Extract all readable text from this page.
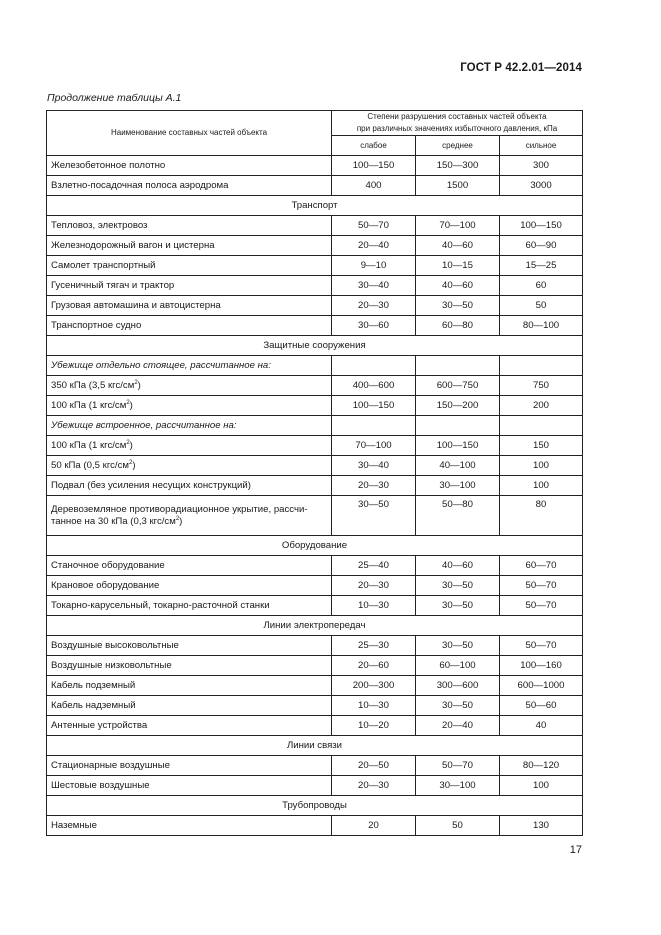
ГОСТ Р 42.2.01—2014
Продолжение таблицы А.1
Наименование составных частей объекта	Степени разрушения составных частей объекта
при различных значениях избыточного давления, кПа		
	слабое	среднее	сильное
Железобетонное полотно	100—150	150—300	300
Взлетно-посадочная полоса аэродрома	400	1500	3000
Транспорт			
Тепловоз, электровоз	50—70	70—100	100—150
Железнодорожный вагон и цистерна	20—40	40—60	60—90
Самолет транспортный	9—10	10—15	15—25
Гусеничный тягач и трактор	30—40	40—60	60
Грузовая автомашина и автоцистерна	20—30	30—50	50
Транспортное судно	30—60	60—80	80—100
Защитные сооружения			
Убежище отдельно стоящее, рассчитанное на:			
350 кПа (3,5 кгс/$см^2$)	400—600	600—750	750
100 кПа (1 кгс/$см^2$)	100—150	150—200	200
Убежище встроенное, рассчитанное на:			
100 кПа (1 кгс/$см^2$)	70—100	100—150	150
50 кПа (0,5 кгс/$см^2$)	30—40	40—100	100
Подвал (без усиления несущих конструкций)	20—30	30—100	100
Деревоземляное противорадиационное укрытие, рассчи-
танное на 30 кПа (0,3 кгс/$см^2$)	30—50	50—80	80
Оборудование			
Станочное оборудование	25—40	40—60	60—70
Крановое оборудование	20—30	30—50	50—70
Токарно-карусельный, токарно-расточной станки	10—30	30—50	50—70
Линии электропередач			
Воздушные высоковольтные	25—30	30—50	50—70
Воздушные низковольтные	20—60	60—100	100—160
Кабель подземный	200—300	300—600	600—1000
Кабель надземный	10—30	30—50	50—60
Антенные устройства	10—20	20—40	40
Линии связи			
Стационарные воздушные	20—50	50—70	80—120
Шестовые воздушные	20—30	30—100	100
Трубопроводы			
Наземные	20	50	130
17
